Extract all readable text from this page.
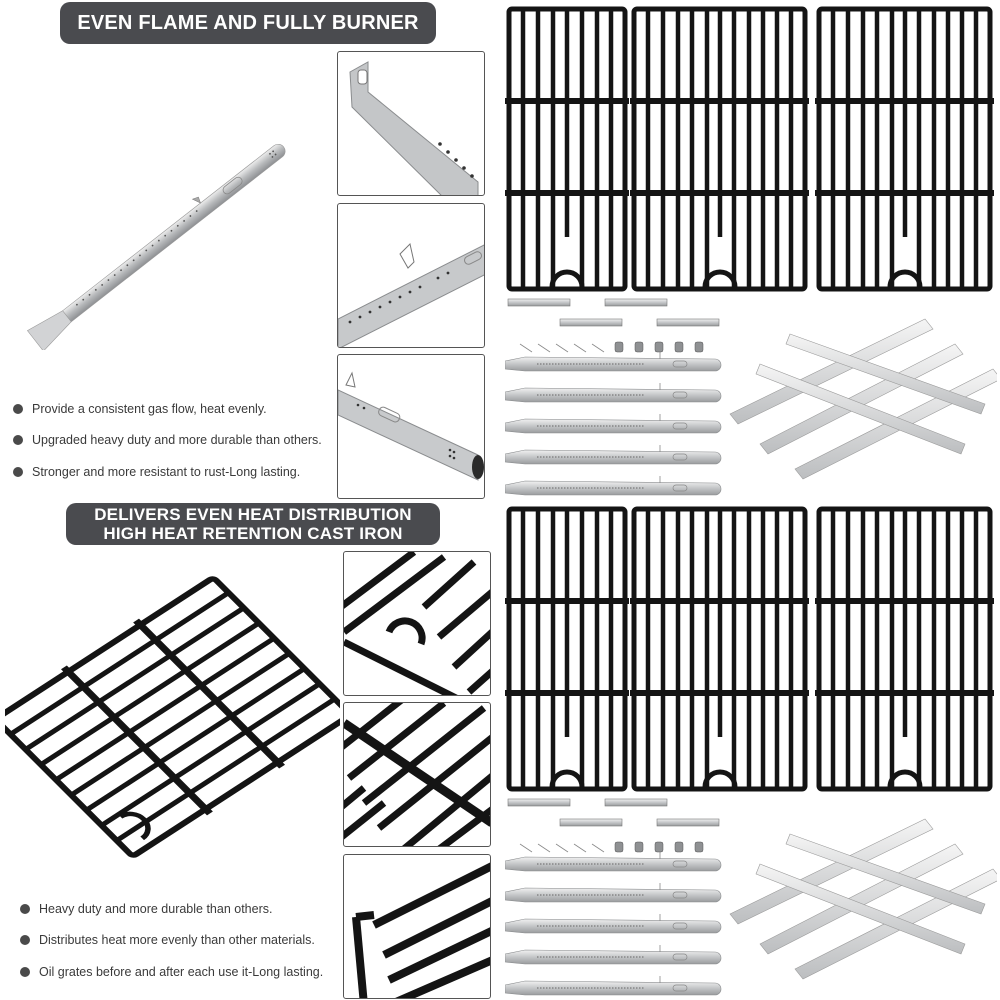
EVEN FLAME AND FULLY BURNER
Provide a consistent gas flow, heat evenly.
Upgraded heavy duty and more durable than others.
Stronger and more resistant to rust-Long lasting.
DELIVERS EVEN HEAT DISTRIBUTION
HIGH HEAT RETENTION CAST IRON
Heavy duty and more durable than others.
Distributes heat more evenly than other materials.
Oil grates before and after each use it-Long lasting.
